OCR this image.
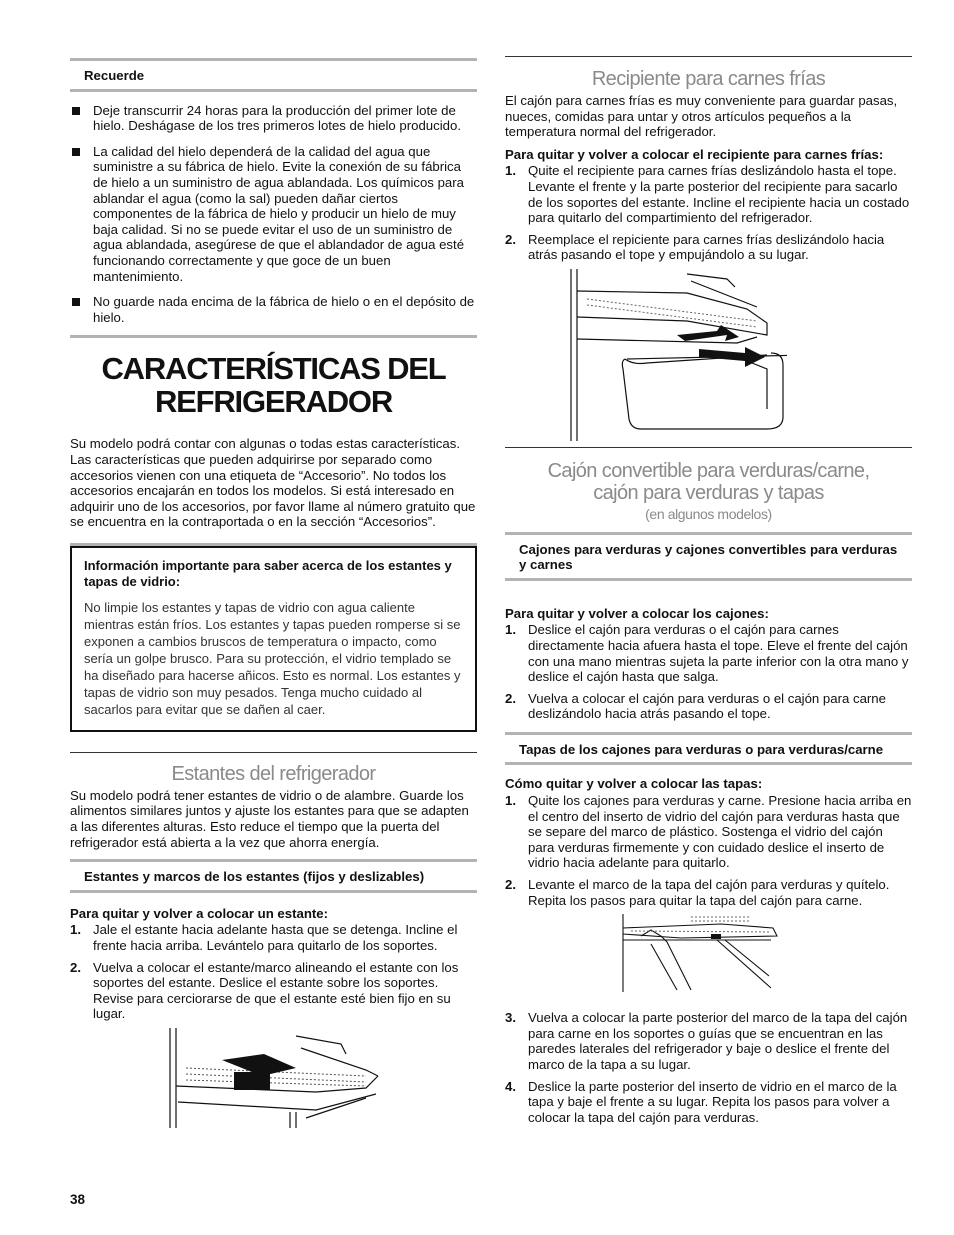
Recuerde
Deje transcurrir 24 horas para la producción del primer lote de hielo. Deshágase de los tres primeros lotes de hielo producido.
La calidad del hielo dependerá de la calidad del agua que suministre a su fábrica de hielo. Evite la conexión de su fábrica de hielo a un suministro de agua ablandada. Los químicos para ablandar el agua (como la sal) pueden dañar ciertos componentes de la fábrica de hielo y producir un hielo de muy baja calidad. Si no se puede evitar el uso de un suministro de agua ablandada, asegúrese de que el ablandador de agua esté funcionando correctamente y que goce de un buen mantenimiento.
No guarde nada encima de la fábrica de hielo o en el depósito de hielo.
CARACTERÍSTICAS DEL
REFRIGERADOR

Su modelo podrá contar con algunas o todas estas características. Las características que pueden adquirirse por separado como accesorios vienen con una etiqueta de “Accesorio”. No todos los accesorios encajarán en todos los modelos. Si está interesado en adquirir uno de los accesorios, por favor llame al número gratuito que se encuentra en la contraportada o en la sección “Accesorios”.

Información importante para saber acerca de los estantes y tapas de vidrio:

No limpie los estantes y tapas de vidrio con agua caliente mientras están fríos. Los estantes y tapas pueden romperse si se exponen a cambios bruscos de temperatura o impacto, como sería un golpe brusco. Para su protección, el vidrio templado se ha diseñado para hacerse añicos. Esto es normal. Los estantes y tapas de vidrio son muy pesados. Tenga mucho cuidado al sacarlos para evitar que se dañen al caer.

Estantes del refrigerador

Su modelo podrá tener estantes de vidrio o de alambre. Guarde los alimentos similares juntos y ajuste los estantes para que se adapten a las diferentes alturas. Esto reduce el tiempo que la puerta del refrigerador está abierta a la vez que ahorra energía.

Estantes y marcos de los estantes (fijos y deslizables)

Para quitar y volver a colocar un estante:

1. Jale el estante hacia adelante hasta que se detenga. Incline el frente hacia arriba. Levántelo para quitarlo de los soportes.
2. Vuelva a colocar el estante/marco alineando el estante con los soportes del estante. Deslice el estante sobre los soportes. Revise para cerciorarse de que el estante esté bien fijo en su lugar.
Recipiente para carnes frías

El cajón para carnes frías es muy conveniente para guardar pasas, nueces, comidas para untar y otros artículos pequeños a la temperatura normal del refrigerador.

Para quitar y volver a colocar el recipiente para carnes frías:

1. Quite el recipiente para carnes frías deslizándolo hasta el tope. Levante el frente y la parte posterior del recipiente para sacarlo de los soportes del estante. Incline el recipiente hacia un costado para quitarlo del compartimiento del refrigerador.
2. Reemplace el repiciente para carnes frías deslizándolo hacia atrás pasando el tope y empujándolo a su lugar.
Cajón convertible para verduras/carne,
cajón para verduras y tapas
(en algunos modelos)
Cajones para verduras y cajones convertibles para verduras y carnes

Para quitar y volver a colocar los cajones:

1. Deslice el cajón para verduras o el cajón para carnes directamente hacia afuera hasta el tope. Eleve el frente del cajón con una mano mientras sujeta la parte inferior con la otra mano y deslice el cajón hasta que salga.
2. Vuelva a colocar el cajón para verduras o el cajón para carne deslizándolo hacia atrás pasando el tope.
Tapas de los cajones para verduras o para verduras/carne

Cómo quitar y volver a colocar las tapas:

1. Quite los cajones para verduras y carne. Presione hacia arriba en el centro del inserto de vidrio del cajón para verduras hasta que se separe del marco de plástico. Sostenga el vidrio del cajón para verduras firmemente y con cuidado deslice el inserto de vidrio hacia adelante para quitarlo.
2. Levante el marco de la tapa del cajón para verduras y quítelo. Repita los pasos para quitar la tapa del cajón para carne.
3. Vuelva a colocar la parte posterior del marco de la tapa del cajón para carne en los soportes o guías que se encuentran en las paredes laterales del refrigerador y baje o deslice el frente del marco de la tapa a su lugar.
4. Deslice la parte posterior del inserto de vidrio en el marco de la tapa y baje el frente a su lugar. Repita los pasos para volver a colocar la tapa del cajón para verduras.
38
